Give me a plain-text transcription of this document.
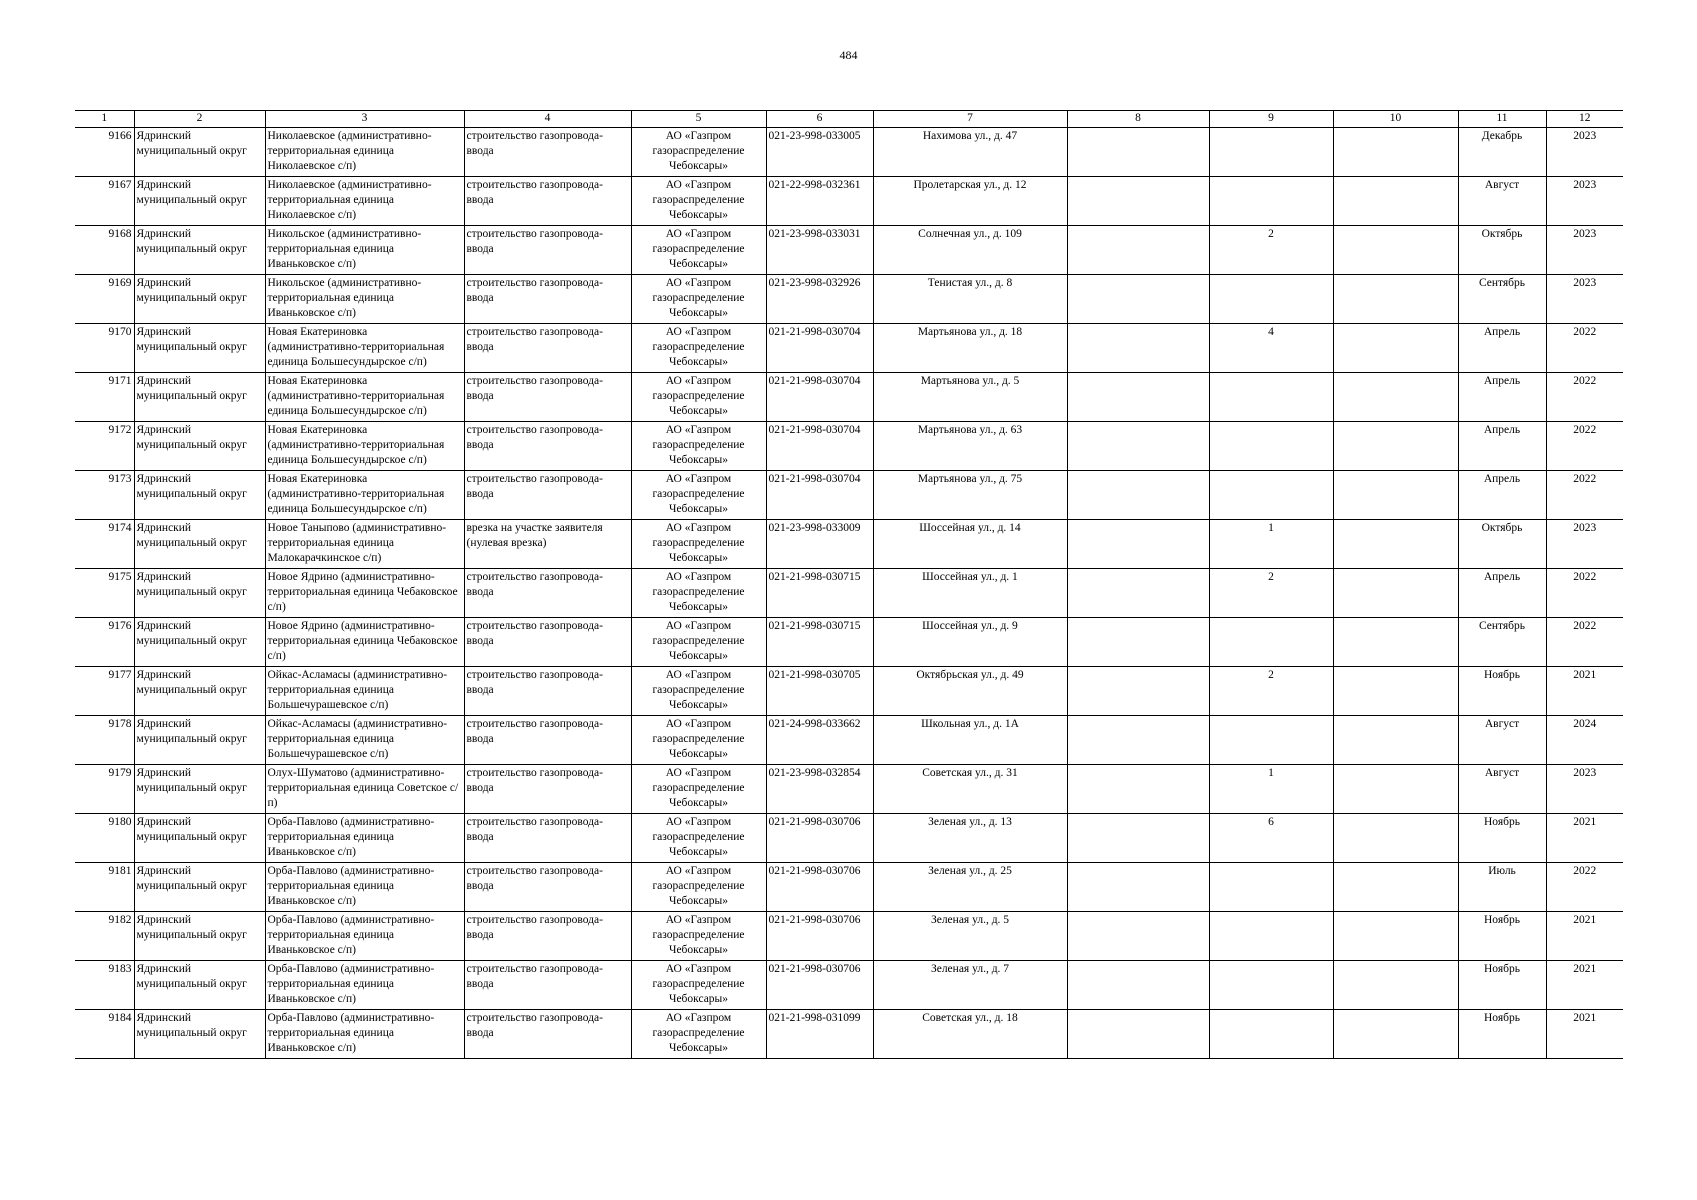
484
1	2	3	4	5	6	7	8	9	10	11	12
9166	Ядринский муниципальный округ	Николаевское (административно-территориальная единица Николаевское с/п)	строительство газопровода-ввода	АО «Газпром газораспределение Чебоксары»	021-23-998-033005	Нахимова ул., д. 47				Декабрь	2023
9167	Ядринский муниципальный округ	Николаевское (административно-территориальная единица Николаевское с/п)	строительство газопровода-ввода	АО «Газпром газораспределение Чебоксары»	021-22-998-032361	Пролетарская ул., д. 12				Август	2023
9168	Ядринский муниципальный округ	Никольское (административно-территориальная единица Иваньковское с/п)	строительство газопровода-ввода	АО «Газпром газораспределение Чебоксары»	021-23-998-033031	Солнечная ул., д. 109		2		Октябрь	2023
9169	Ядринский муниципальный округ	Никольское (административно-территориальная единица Иваньковское с/п)	строительство газопровода-ввода	АО «Газпром газораспределение Чебоксары»	021-23-998-032926	Тенистая ул., д. 8				Сентябрь	2023
9170	Ядринский муниципальный округ	Новая Екатериновка (административно-территориальная единица Большесундырское с/п)	строительство газопровода-ввода	АО «Газпром газораспределение Чебоксары»	021-21-998-030704	Мартьянова ул., д. 18		4		Апрель	2022
9171	Ядринский муниципальный округ	Новая Екатериновка (административно-территориальная единица Большесундырское с/п)	строительство газопровода-ввода	АО «Газпром газораспределение Чебоксары»	021-21-998-030704	Мартьянова ул., д. 5				Апрель	2022
9172	Ядринский муниципальный округ	Новая Екатериновка (административно-территориальная единица Большесундырское с/п)	строительство газопровода-ввода	АО «Газпром газораспределение Чебоксары»	021-21-998-030704	Мартьянова ул., д. 63				Апрель	2022
9173	Ядринский муниципальный округ	Новая Екатериновка (административно-территориальная единица Большесундырское с/п)	строительство газопровода-ввода	АО «Газпром газораспределение Чебоксары»	021-21-998-030704	Мартьянова ул., д. 75				Апрель	2022
9174	Ядринский муниципальный округ	Новое Таныпово (административно-территориальная единица Малокарачкинское с/п)	врезка на участке заявителя (нулевая врезка)	АО «Газпром газораспределение Чебоксары»	021-23-998-033009	Шоссейная ул., д. 14		1		Октябрь	2023
9175	Ядринский муниципальный округ	Новое Ядрино (административно-территориальная единица Чебаковское с/п)	строительство газопровода-ввода	АО «Газпром газораспределение Чебоксары»	021-21-998-030715	Шоссейная ул., д. 1		2		Апрель	2022
9176	Ядринский муниципальный округ	Новое Ядрино (административно-территориальная единица Чебаковское с/п)	строительство газопровода-ввода	АО «Газпром газораспределение Чебоксары»	021-21-998-030715	Шоссейная ул., д. 9				Сентябрь	2022
9177	Ядринский муниципальный округ	Ойкас-Асламасы (административно-территориальная единица Большечурашевское с/п)	строительство газопровода-ввода	АО «Газпром газораспределение Чебоксары»	021-21-998-030705	Октябрьская ул., д. 49		2		Ноябрь	2021
9178	Ядринский муниципальный округ	Ойкас-Асламасы (административно-территориальная единица Большечурашевское с/п)	строительство газопровода-ввода	АО «Газпром газораспределение Чебоксары»	021-24-998-033662	Школьная ул., д. 1А				Август	2024
9179	Ядринский муниципальный округ	Олух-Шуматово (административно-территориальная единица Советское с/п)	строительство газопровода-ввода	АО «Газпром газораспределение Чебоксары»	021-23-998-032854	Советская ул., д. 31		1		Август	2023
9180	Ядринский муниципальный округ	Орба-Павлово (административно-территориальная единица Иваньковское с/п)	строительство газопровода-ввода	АО «Газпром газораспределение Чебоксары»	021-21-998-030706	Зеленая ул., д. 13		6		Ноябрь	2021
9181	Ядринский муниципальный округ	Орба-Павлово (административно-территориальная единица Иваньковское с/п)	строительство газопровода-ввода	АО «Газпром газораспределение Чебоксары»	021-21-998-030706	Зеленая ул., д. 25				Июль	2022
9182	Ядринский муниципальный округ	Орба-Павлово (административно-территориальная единица Иваньковское с/п)	строительство газопровода-ввода	АО «Газпром газораспределение Чебоксары»	021-21-998-030706	Зеленая ул., д. 5				Ноябрь	2021
9183	Ядринский муниципальный округ	Орба-Павлово (административно-территориальная единица Иваньковское с/п)	строительство газопровода-ввода	АО «Газпром газораспределение Чебоксары»	021-21-998-030706	Зеленая ул., д. 7				Ноябрь	2021
9184	Ядринский муниципальный округ	Орба-Павлово (административно-территориальная единица Иваньковское с/п)	строительство газопровода-ввода	АО «Газпром газораспределение Чебоксары»	021-21-998-031099	Советская ул., д. 18				Ноябрь	2021
